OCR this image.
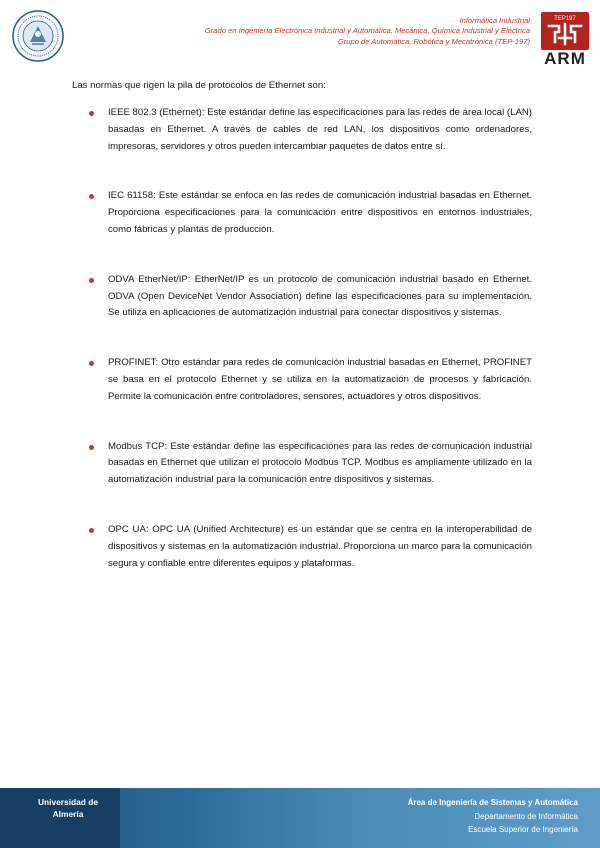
Informática Industrial
Grado en Ingeniería Electrónica Industrial y Automática, Mecánica, Química Industrial y Eléctrica
Grupo de Automática, Robótica y Mecatrónica (TEP-197)
TEP197
ARM

Las normas que rigen la pila de protocolos de Ethernet son:

IEEE 802.3 (Ethernet): Este estándar define las especificaciones para las redes de área local (LAN) basadas en Ethernet. A través de cables de red LAN, los dispositivos como ordenadores, impresoras, servidores y otros pueden intercambiar paquetes de datos entre sí.
IEC 61158: Este estándar se enfoca en las redes de comunicación industrial basadas en Ethernet. Proporciona especificaciones para la comunicación entre dispositivos en entornos industriales, como fábricas y plantas de producción.
ODVA EtherNet/IP: EtherNet/IP es un protocolo de comunicación industrial basado en Ethernet. ODVA (Open DeviceNet Vendor Association) define las especificaciones para su implementación. Se utiliza en aplicaciones de automatización industrial para conectar dispositivos y sistemas.
PROFINET: Otro estándar para redes de comunicación industrial basadas en Ethernet, PROFINET se basa en el protocolo Ethernet y se utiliza en la automatización de procesos y fabricación. Permite la comunicación entre controladores, sensores, actuadores y otros dispositivos.
Modbus TCP: Este estándar define las especificaciones para las redes de comunicación industrial basadas en Ethernet que utilizan el protocolo Modbus TCP. Modbus es ampliamente utilizado en la automatización industrial para la comunicación entre dispositivos y sistemas.
OPC UA: OPC UA (Unified Architecture) es un estándar que se centra en la interoperabilidad de dispositivos y sistemas en la automatización industrial. Proporciona un marco para la comunicación segura y confiable entre diferentes equipos y plataformas.
Universidad de
Almería
Área de Ingeniería de Sistemas y Automática
Departamento de Informática
Escuela Superior de Ingeniería
